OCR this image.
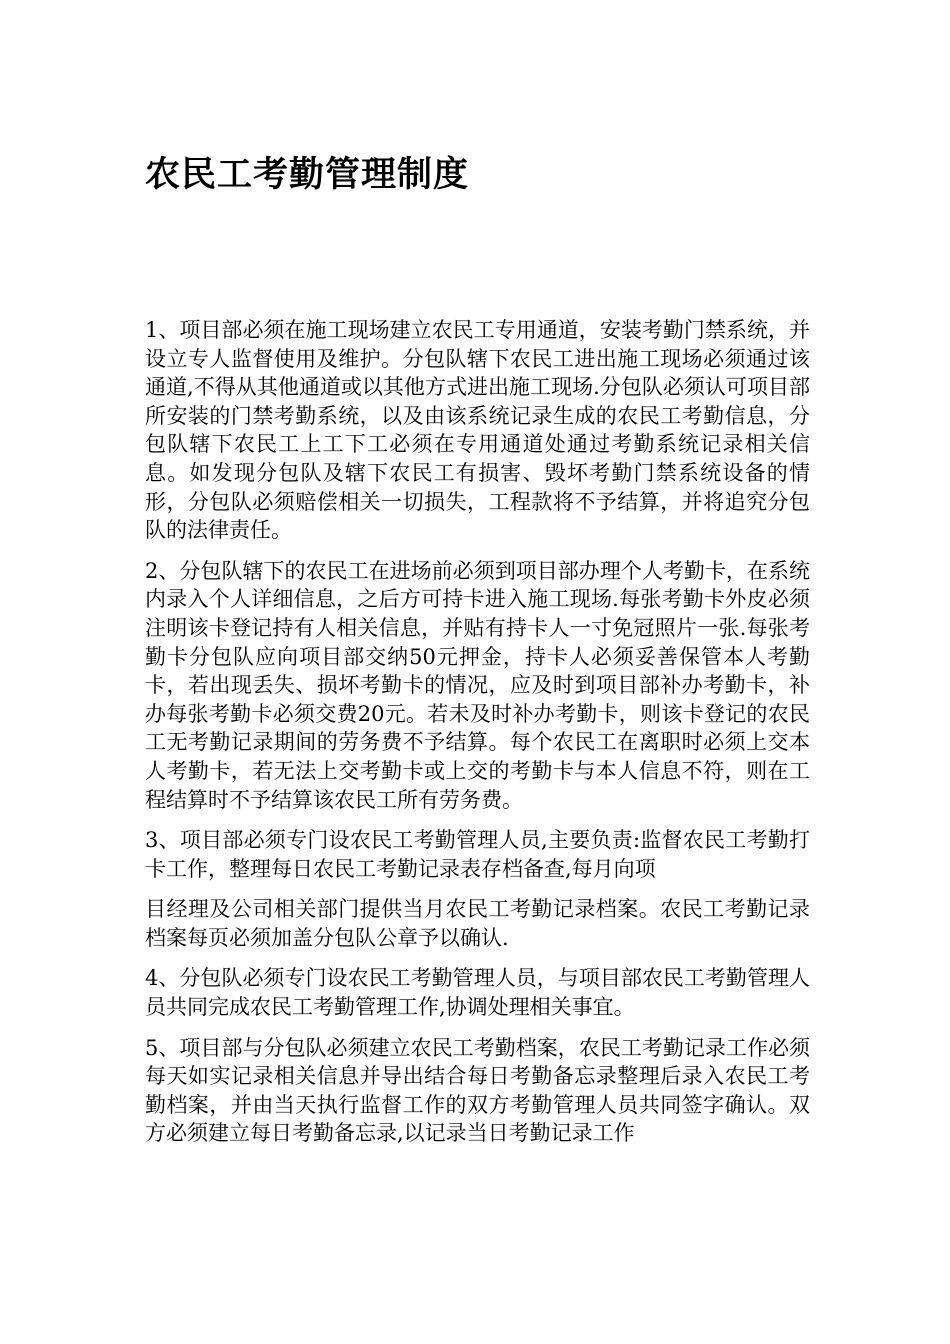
农民工考勤管理制度

1、项目部必须在施工现场建立农民工专用通道，安装考勤门禁系统，并设立专人监督使用及维护。分包队辖下农民工进出施工现场必须通过该通道,不得从其他通道或以其他方式进出施工现场.分包队必须认可项目部所安装的门禁考勤系统，以及由该系统记录生成的农民工考勤信息，分包队辖下农民工上工下工必须在专用通道处通过考勤系统记录相关信息。如发现分包队及辖下农民工有损害、毁坏考勤门禁系统设备的情形，分包队必须赔偿相关一切损失，工程款将不予结算，并将追究分包队的法律责任。

2、分包队辖下的农民工在进场前必须到项目部办理个人考勤卡，在系统内录入个人详细信息，之后方可持卡进入施工现场.每张考勤卡外皮必须注明该卡登记持有人相关信息，并贴有持卡人一寸免冠照片一张.每张考勤卡分包队应向项目部交纳50元押金，持卡人必须妥善保管本人考勤卡，若出现丢失、损坏考勤卡的情况，应及时到项目部补办考勤卡，补办每张考勤卡必须交费20元。若未及时补办考勤卡，则该卡登记的农民工无考勤记录期间的劳务费不予结算。每个农民工在离职时必须上交本人考勤卡，若无法上交考勤卡或上交的考勤卡与本人信息不符，则在工程结算时不予结算该农民工所有劳务费。

3、项目部必须专门设农民工考勤管理人员,主要负责:监督农民工考勤打卡工作，整理每日农民工考勤记录表存档备查,每月向项

目经理及公司相关部门提供当月农民工考勤记录档案。农民工考勤记录档案每页必须加盖分包队公章予以确认.

4、分包队必须专门设农民工考勤管理人员，与项目部农民工考勤管理人员共同完成农民工考勤管理工作,协调处理相关事宜。

5、项目部与分包队必须建立农民工考勤档案，农民工考勤记录工作必须每天如实记录相关信息并导出结合每日考勤备忘录整理后录入农民工考勤档案，并由当天执行监督工作的双方考勤管理人员共同签字确认。双方必须建立每日考勤备忘录,以记录当日考勤记录工作
